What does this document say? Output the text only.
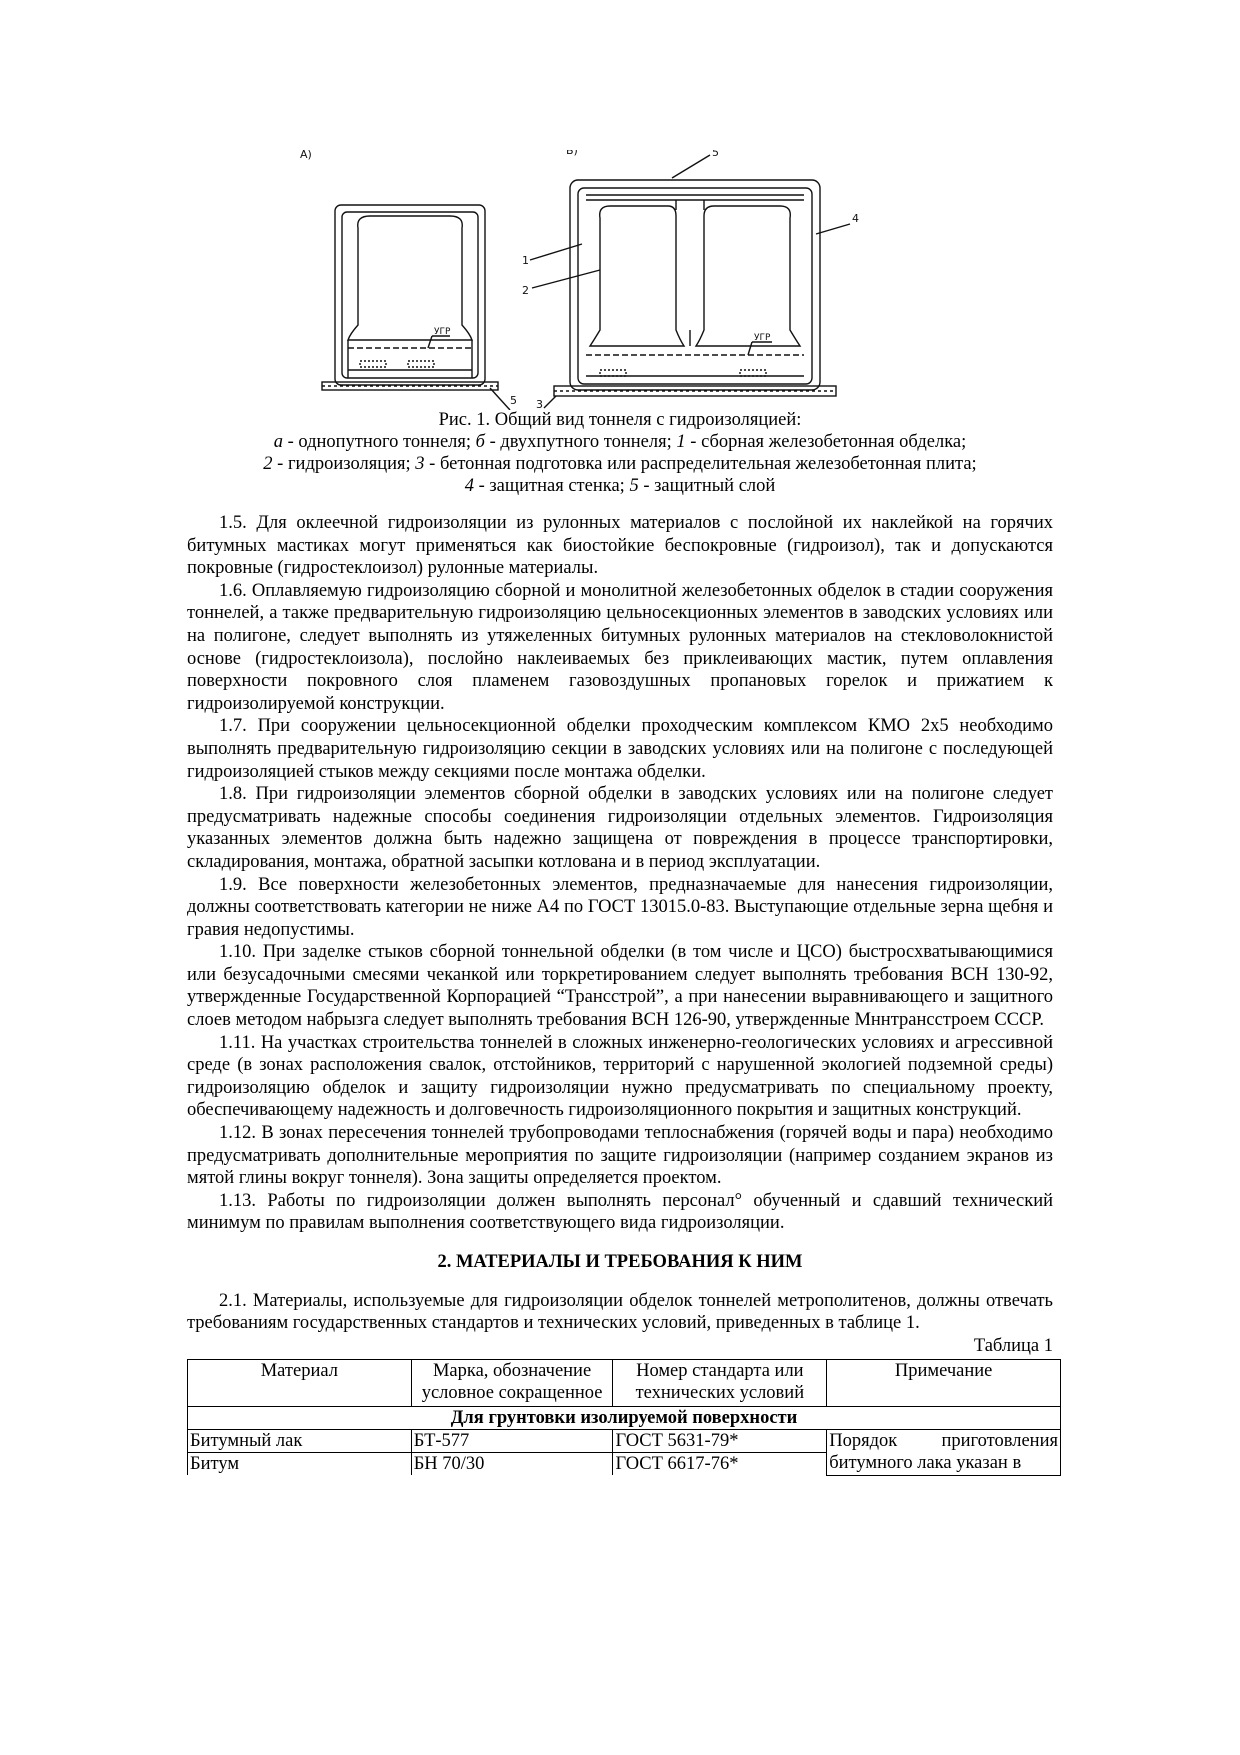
А)	Б)
УГР
УГР
5
5
4
1
2
3

Рис. 1. Общий вид тоннеля с гидроизоляцией:

а - однопутного тоннеля; б - двухпутного тоннеля; 1 - сборная железобетонная обделка;

2 - гидроизоляция; 3 - бетонная подготовка или распределительная железобетонная плита;

4 - защитная стенка; 5 - защитный слой

1.5. Для оклеечной гидроизоляции из рулонных материалов с послойной их наклейкой на горячих битумных мастиках могут применяться как биостойкие беспокровные (гидроизол), так и допускаются покровные (гидростеклоизол) рулонные материалы.

1.6. Оплавляемую гидроизоляцию сборной и монолитной железобетонных обделок в стадии сооружения тоннелей, а также предварительную гидроизоляцию цельносекционных элементов в заводских условиях или на полигоне, следует выполнять из утяжеленных битумных рулонных материалов на стекловолокнистой основе (гидростеклоизола), послойно наклеиваемых без приклеивающих мастик, путем оплавления поверхности покровного слоя пламенем газовоздушных пропановых горелок и прижатием к гидроизолируемой конструкции.

1.7. При сооружении цельносекционной обделки проходческим комплексом КМО 2х5 необходимо выполнять предварительную гидроизоляцию секции в заводских условиях или на полигоне с последующей гидроизоляцией стыков между секциями после монтажа обделки.

1.8. При гидроизоляции элементов сборной обделки в заводских условиях или на полигоне следует предусматривать надежные способы соединения гидроизоляции отдельных элементов. Гидроизоляция указанных элементов должна быть надежно защищена от повреждения в процессе транспортировки, складирования, монтажа, обратной засыпки котлована и в период эксплуатации.

1.9. Все поверхности железобетонных элементов, предназначаемые для нанесения гидроизоляции, должны соответствовать категории не ниже А4 по ГОСТ 13015.0-83. Выступающие отдельные зерна щебня и гравия недопустимы.

1.10. При заделке стыков сборной тоннельной обделки (в том числе и ЦСО) быстросхватывающимися или безусадочными смесями чеканкой или торкретированием следует выполнять требования ВСН 130-92, утвержденные Государственной Корпорацией “Трансстрой”, а при нанесении выравнивающего и защитного слоев методом набрызга следует выполнять требования ВСН 126-90, утвержденные Мннтрансстроем СССР.

1.11. На участках строительства тоннелей в сложных инженерно-геологических условиях и агрессивной среде (в зонах расположения свалок, отстойников, территорий с нарушенной экологией подземной среды) гидроизоляцию обделок и защиту гидроизоляции нужно предусматривать по специальному проекту, обеспечивающему надежность и долговечность гидроизоляционного покрытия и защитных конструкций.

1.12. В зонах пересечения тоннелей трубопроводами теплоснабжения (горячей воды и пара) необходимо предусматривать дополнительные мероприятия по защите гидроизоляции (например созданием экранов из мятой глины вокруг тоннеля). Зона защиты определяется проектом.

1.13. Работы по гидроизоляции должен выполнять персонал° обученный и сдавший технический минимум по правилам выполнения соответствующего вида гидроизоляции.

2. МАТЕРИАЛЫ И ТРЕБОВАНИЯ К НИМ

2.1. Материалы, используемые для гидроизоляции обделок тоннелей метрополитенов, должны отвечать требованиям государственных стандартов и технических условий, приведенных в таблице 1.

Таблица 1

Материал	Марка, обозначение условное сокращенное	Номер стандарта или технических условий	Примечание
Для грунтовки изолируемой поверхности			
Битумный лак	БТ-577	ГОСТ 5631-79*	Порядок приготовления битумного лака указан в
Битум	БН 70/30	ГОСТ 6617-76*	
